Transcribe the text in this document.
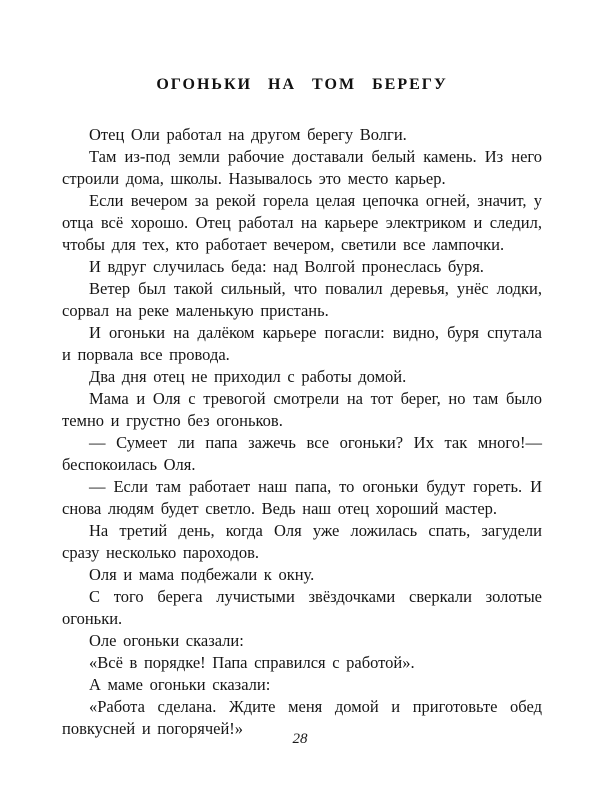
ОГОНЬКИ НА ТОМ БЕРЕГУ

Отец Оли работал на другом берегу Волги.

Там из-под земли рабочие доставали белый камень. Из него строили дома, школы. Называлось это место карьер.

Если вечером за рекой горела целая цепочка огней, значит, у отца всё хорошо. Отец работал на карьере электриком и следил, чтобы для тех, кто работает вечером, светили все лампочки.

И вдруг случилась беда: над Волгой пронеслась буря.

Ветер был такой сильный, что повалил деревья, унёс лодки, сорвал на реке маленькую пристань.

И огоньки на далёком карьере погасли: видно, буря спутала и порвала все провода.

Два дня отец не приходил с работы домой.

Мама и Оля с тревогой смотрели на тот берег, но там было темно и грустно без огоньков.

— Сумеет ли папа зажечь все огоньки? Их так много!— беспокоилась Оля.

— Если там работает наш папа, то огоньки будут гореть. И снова людям будет светло. Ведь наш отец хороший мастер.

На третий день, когда Оля уже ложилась спать, загудели сразу несколько пароходов.

Оля и мама подбежали к окну.

С того берега лучистыми звёздочками сверкали золотые огоньки.

Оле огоньки сказали:

«Всё в порядке! Папа справился с работой».

А маме огоньки сказали:

«Работа сделана. Ждите меня домой и приготовьте обед повкусней и погорячей!»

28
